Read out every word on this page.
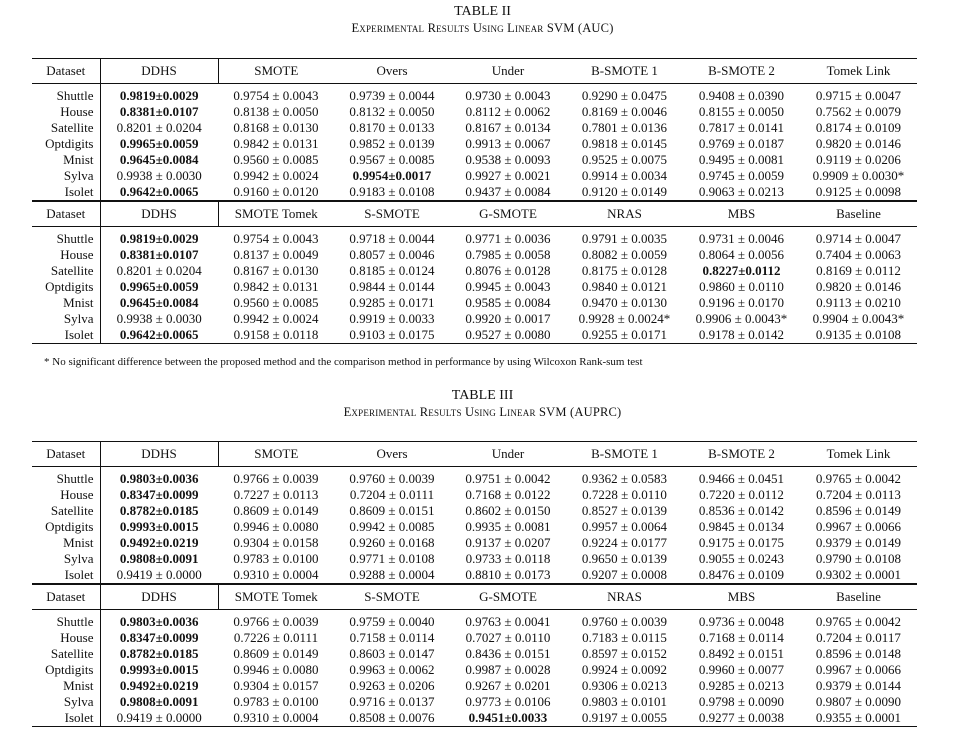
TABLE II
Experimental Results Using Linear SVM (AUC)
Dataset	DDHS	SMOTE	Overs	Under	B-SMOTE 1	B-SMOTE 2	Tomek Link
Shuttle	0.9819±0.0029	0.9754 ± 0.0043	0.9739 ± 0.0044	0.9730 ± 0.0043	0.9290 ± 0.0475	0.9408 ± 0.0390	0.9715 ± 0.0047
House	0.8381±0.0107	0.8138 ± 0.0050	0.8132 ± 0.0050	0.8112 ± 0.0062	0.8169 ± 0.0046	0.8155 ± 0.0050	0.7562 ± 0.0079
Satellite	0.8201 ± 0.0204	0.8168 ± 0.0130	0.8170 ± 0.0133	0.8167 ± 0.0134	0.7801 ± 0.0136	0.7817 ± 0.0141	0.8174 ± 0.0109
Optdigits	0.9965±0.0059	0.9842 ± 0.0131	0.9852 ± 0.0139	0.9913 ± 0.0067	0.9818 ± 0.0145	0.9769 ± 0.0187	0.9820 ± 0.0146
Mnist	0.9645±0.0084	0.9560 ± 0.0085	0.9567 ± 0.0085	0.9538 ± 0.0093	0.9525 ± 0.0075	0.9495 ± 0.0081	0.9119 ± 0.0206
Sylva	0.9938 ± 0.0030	0.9942 ± 0.0024	0.9954±0.0017	0.9927 ± 0.0021	0.9914 ± 0.0034	0.9745 ± 0.0059	0.9909 ± 0.0030*
Isolet	0.9642±0.0065	0.9160 ± 0.0120	0.9183 ± 0.0108	0.9437 ± 0.0084	0.9120 ± 0.0149	0.9063 ± 0.0213	0.9125 ± 0.0098
Dataset	DDHS	SMOTE Tomek	S-SMOTE	G-SMOTE	NRAS	MBS	Baseline
Shuttle	0.9819±0.0029	0.9754 ± 0.0043	0.9718 ± 0.0044	0.9771 ± 0.0036	0.9791 ± 0.0035	0.9731 ± 0.0046	0.9714 ± 0.0047
House	0.8381±0.0107	0.8137 ± 0.0049	0.8057 ± 0.0046	0.7985 ± 0.0058	0.8082 ± 0.0059	0.8064 ± 0.0056	0.7404 ± 0.0063
Satellite	0.8201 ± 0.0204	0.8167 ± 0.0130	0.8185 ± 0.0124	0.8076 ± 0.0128	0.8175 ± 0.0128	0.8227±0.0112	0.8169 ± 0.0112
Optdigits	0.9965±0.0059	0.9842 ± 0.0131	0.9844 ± 0.0144	0.9945 ± 0.0043	0.9840 ± 0.0121	0.9860 ± 0.0110	0.9820 ± 0.0146
Mnist	0.9645±0.0084	0.9560 ± 0.0085	0.9285 ± 0.0171	0.9585 ± 0.0084	0.9470 ± 0.0130	0.9196 ± 0.0170	0.9113 ± 0.0210
Sylva	0.9938 ± 0.0030	0.9942 ± 0.0024	0.9919 ± 0.0033	0.9920 ± 0.0017	0.9928 ± 0.0024*	0.9906 ± 0.0043*	0.9904 ± 0.0043*
Isolet	0.9642±0.0065	0.9158 ± 0.0118	0.9103 ± 0.0175	0.9527 ± 0.0080	0.9255 ± 0.0171	0.9178 ± 0.0142	0.9135 ± 0.0108
* No significant difference between the proposed method and the comparison method in performance by using Wilcoxon Rank-sum test
TABLE III
Experimental Results Using Linear SVM (AUPRC)
Dataset	DDHS	SMOTE	Overs	Under	B-SMOTE 1	B-SMOTE 2	Tomek Link
Shuttle	0.9803±0.0036	0.9766 ± 0.0039	0.9760 ± 0.0039	0.9751 ± 0.0042	0.9362 ± 0.0583	0.9466 ± 0.0451	0.9765 ± 0.0042
House	0.8347±0.0099	0.7227 ± 0.0113	0.7204 ± 0.0111	0.7168 ± 0.0122	0.7228 ± 0.0110	0.7220 ± 0.0112	0.7204 ± 0.0113
Satellite	0.8782±0.0185	0.8609 ± 0.0149	0.8609 ± 0.0151	0.8602 ± 0.0150	0.8527 ± 0.0139	0.8536 ± 0.0142	0.8596 ± 0.0149
Optdigits	0.9993±0.0015	0.9946 ± 0.0080	0.9942 ± 0.0085	0.9935 ± 0.0081	0.9957 ± 0.0064	0.9845 ± 0.0134	0.9967 ± 0.0066
Mnist	0.9492±0.0219	0.9304 ± 0.0158	0.9260 ± 0.0168	0.9137 ± 0.0207	0.9224 ± 0.0177	0.9175 ± 0.0175	0.9379 ± 0.0149
Sylva	0.9808±0.0091	0.9783 ± 0.0100	0.9771 ± 0.0108	0.9733 ± 0.0118	0.9650 ± 0.0139	0.9055 ± 0.0243	0.9790 ± 0.0108
Isolet	0.9419 ± 0.0000	0.9310 ± 0.0004	0.9288 ± 0.0004	0.8810 ± 0.0173	0.9207 ± 0.0008	0.8476 ± 0.0109	0.9302 ± 0.0001
Dataset	DDHS	SMOTE Tomek	S-SMOTE	G-SMOTE	NRAS	MBS	Baseline
Shuttle	0.9803±0.0036	0.9766 ± 0.0039	0.9759 ± 0.0040	0.9763 ± 0.0041	0.9760 ± 0.0039	0.9736 ± 0.0048	0.9765 ± 0.0042
House	0.8347±0.0099	0.7226 ± 0.0111	0.7158 ± 0.0114	0.7027 ± 0.0110	0.7183 ± 0.0115	0.7168 ± 0.0114	0.7204 ± 0.0117
Satellite	0.8782±0.0185	0.8609 ± 0.0149	0.8603 ± 0.0147	0.8436 ± 0.0151	0.8597 ± 0.0152	0.8492 ± 0.0151	0.8596 ± 0.0148
Optdigits	0.9993±0.0015	0.9946 ± 0.0080	0.9963 ± 0.0062	0.9987 ± 0.0028	0.9924 ± 0.0092	0.9960 ± 0.0077	0.9967 ± 0.0066
Mnist	0.9492±0.0219	0.9304 ± 0.0157	0.9263 ± 0.0206	0.9267 ± 0.0201	0.9306 ± 0.0213	0.9285 ± 0.0213	0.9379 ± 0.0144
Sylva	0.9808±0.0091	0.9783 ± 0.0100	0.9716 ± 0.0137	0.9773 ± 0.0106	0.9803 ± 0.0101	0.9798 ± 0.0090	0.9807 ± 0.0090
Isolet	0.9419 ± 0.0000	0.9310 ± 0.0004	0.8508 ± 0.0076	0.9451±0.0033	0.9197 ± 0.0055	0.9277 ± 0.0038	0.9355 ± 0.0001
